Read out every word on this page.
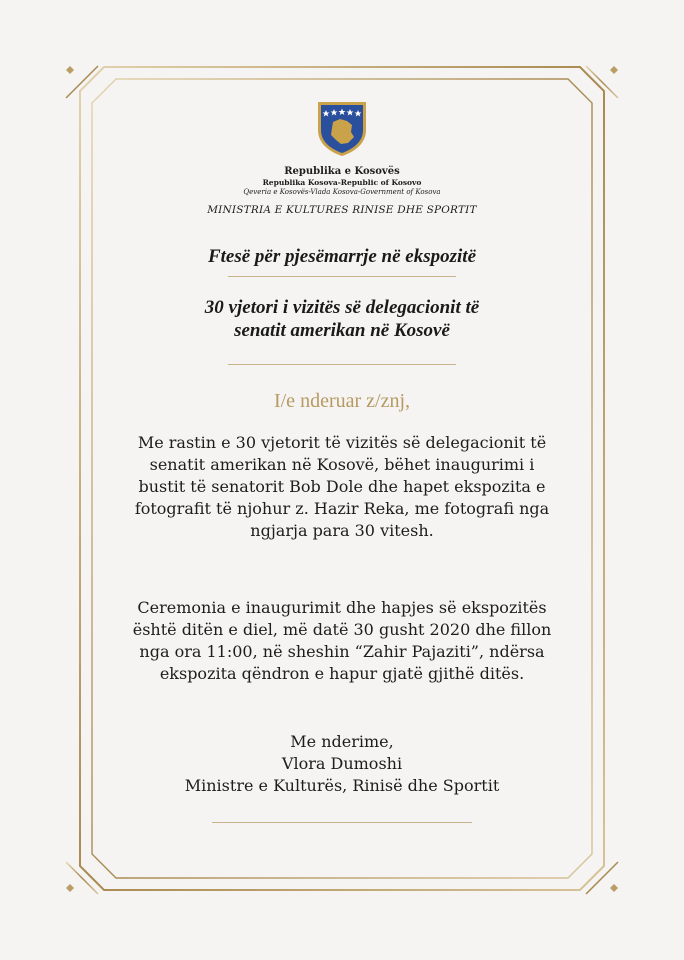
Republika e Kosovës
Republika Kosova-Republic of Kosovo
Qeveria e Kosovës-Vlada Kosova-Government of Kosova
MINISTRIA E KULTURES RINISE DHE SPORTIT
Ftesë për pjesëmarrje në ekspozitë
30 vjetori i vizitës së delegacionit të
senatit amerikan në Kosovë
I/e nderuar z/znj,
Me rastin e 30 vjetorit të vizitës së delegacionit të senatit amerikan në Kosovë, bëhet inaugurimi i bustit të senatorit Bob Dole dhe hapet ekspozita e fotografit të njohur z. Hazir Reka, me fotografi nga ngjarja para 30 vitesh.
Ceremonia e inaugurimit dhe hapjes së ekspozitës është ditën e diel, më datë 30 gusht 2020 dhe fillon nga ora 11:00, në sheshin “Zahir Pajaziti”, ndërsa ekspozita qëndron e hapur gjatë gjithë ditës.
Me nderime,
Vlora Dumoshi
Ministre e Kulturës, Rinisë dhe Sportit
